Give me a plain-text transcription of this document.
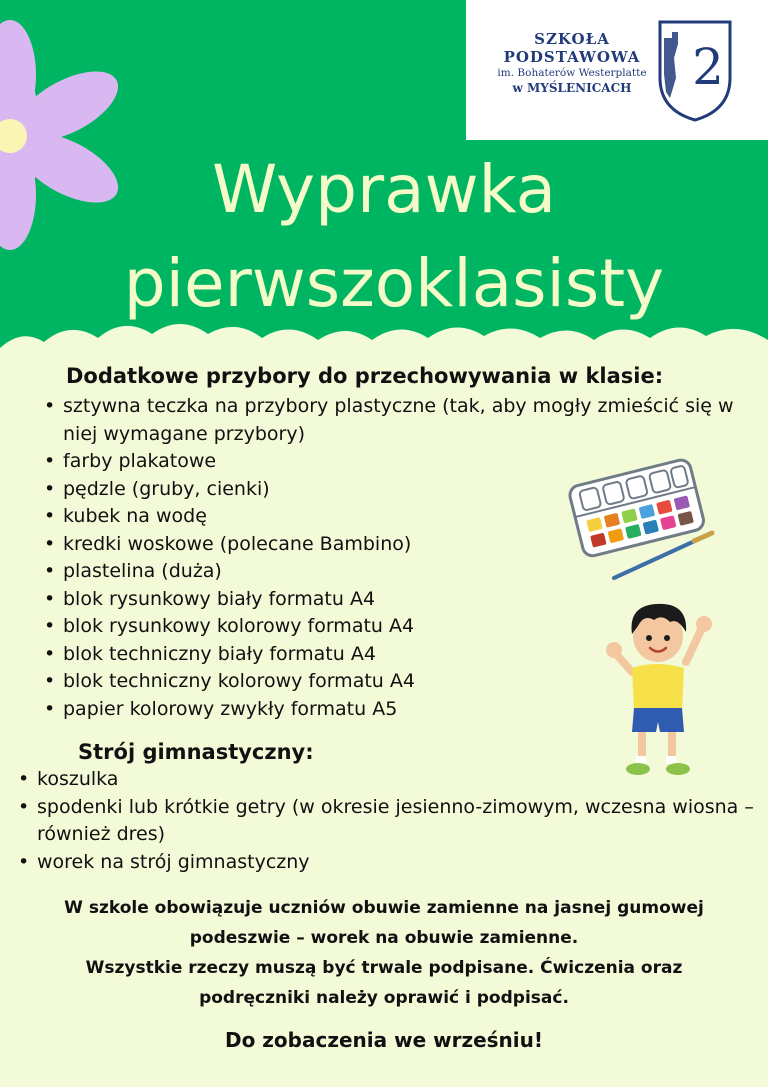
SZKOŁA
PODSTAWOWA
im. Bohaterów Westerplatte
w MYŚLENICACH	2
Wyprawka
pierwszoklasisty
Dodatkowe przybory do przechowywania w klasie:
• sztywna teczka na przybory plastyczne (tak, aby mogły zmieścić się w niej wymagane przybory)
• farby plakatowe
• pędzle (gruby, cienki)
• kubek na wodę
• kredki woskowe (polecane Bambino)
• plastelina (duża)
• blok rysunkowy biały formatu A4
• blok rysunkowy kolorowy formatu A4
• blok techniczny biały formatu A4
• blok techniczny kolorowy formatu A4
• papier kolorowy zwykły formatu A5
Strój gimnastyczny:
• koszulka
• spodenki lub krótkie getry (w okresie jesienno-zimowym, wczesna wiosna – również dres)
• worek na strój gimnastyczny
W szkole obowiązuje uczniów obuwie zamienne na jasnej gumowej
podeszwie – worek na obuwie zamienne.
Wszystkie rzeczy muszą być trwale podpisane. Ćwiczenia oraz
podręczniki należy oprawić i podpisać.
Do zobaczenia we wrześniu!
